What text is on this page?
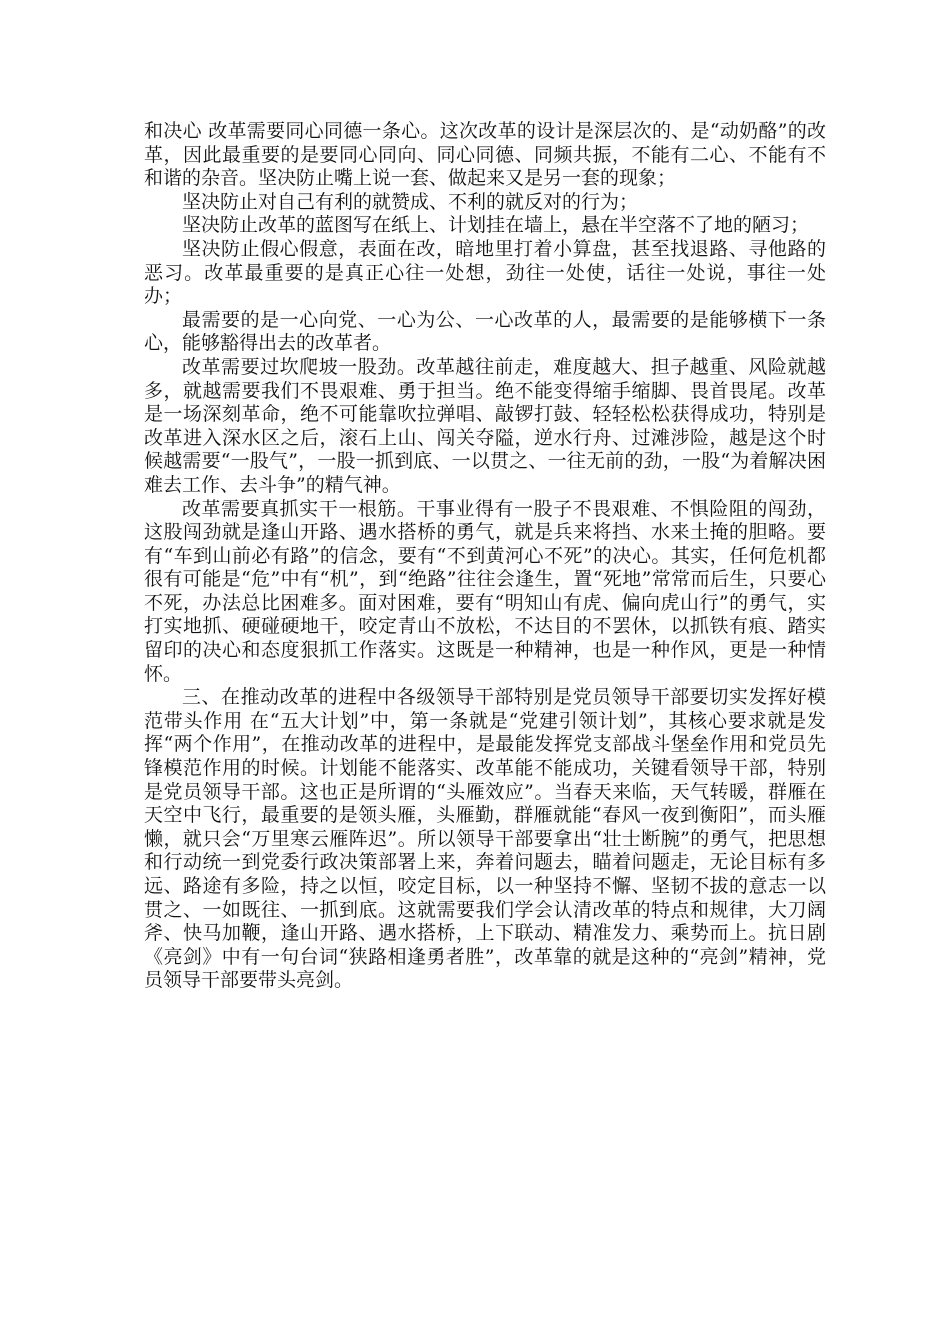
和决心 改革需要同心同德一条心。这次改革的设计是深层次的、是“动奶酪”的改革，因此最重要的是要同心同向、同心同德、同频共振，不能有二心、不能有不和谐的杂音。坚决防止嘴上说一套、做起来又是另一套的现象；

坚决防止对自己有利的就赞成、不利的就反对的行为；

坚决防止改革的蓝图写在纸上、计划挂在墙上，悬在半空落不了地的陋习；

坚决防止假心假意，表面在改，暗地里打着小算盘，甚至找退路、寻他路的恶习。改革最重要的是真正心往一处想，劲往一处使，话往一处说，事往一处办；

最需要的是一心向党、一心为公、一心改革的人，最需要的是能够横下一条心，能够豁得出去的改革者。

改革需要过坎爬坡一股劲。改革越往前走，难度越大、担子越重、风险就越多，就越需要我们不畏艰难、勇于担当。绝不能变得缩手缩脚、畏首畏尾。改革是一场深刻革命，绝不可能靠吹拉弹唱、敲锣打鼓、轻轻松松获得成功，特别是改革进入深水区之后，滚石上山、闯关夺隘，逆水行舟、过滩涉险，越是这个时候越需要“一股气”，一股一抓到底、一以贯之、一往无前的劲，一股“为着解决困难去工作、去斗争”的精气神。

改革需要真抓实干一根筋。干事业得有一股子不畏艰难、不惧险阻的闯劲，这股闯劲就是逢山开路、遇水搭桥的勇气，就是兵来将挡、水来土掩的胆略。要有“车到山前必有路”的信念，要有“不到黄河心不死”的决心。其实，任何危机都很有可能是“危”中有“机”，到“绝路”往往会逢生，置“死地”常常而后生，只要心不死，办法总比困难多。面对困难，要有“明知山有虎、偏向虎山行”的勇气，实打实地抓、硬碰硬地干，咬定青山不放松，不达目的不罢休，以抓铁有痕、踏实留印的决心和态度狠抓工作落实。这既是一种精神，也是一种作风，更是一种情怀。

三、在推动改革的进程中各级领导干部特别是党员领导干部要切实发挥好模范带头作用 在“五大计划”中，第一条就是“党建引领计划”，其核心要求就是发挥“两个作用”，在推动改革的进程中，是最能发挥党支部战斗堡垒作用和党员先锋模范作用的时候。计划能不能落实、改革能不能成功，关键看领导干部，特别是党员领导干部。这也正是所谓的“头雁效应”。当春天来临，天气转暖，群雁在天空中飞行，最重要的是领头雁，头雁勤，群雁就能“春风一夜到衡阳”，而头雁懒，就只会“万里寒云雁阵迟”。所以领导干部要拿出“壮士断腕”的勇气，把思想和行动统一到党委行政决策部署上来，奔着问题去，瞄着问题走，无论目标有多远、路途有多险，持之以恒，咬定目标，以一种坚持不懈、坚韧不拔的意志一以贯之、一如既往、一抓到底。这就需要我们学会认清改革的特点和规律，大刀阔斧、快马加鞭，逢山开路、遇水搭桥，上下联动、精准发力、乘势而上。抗日剧《亮剑》中有一句台词“狭路相逢勇者胜”，改革靠的就是这种的“亮剑”精神，党员领导干部要带头亮剑。
